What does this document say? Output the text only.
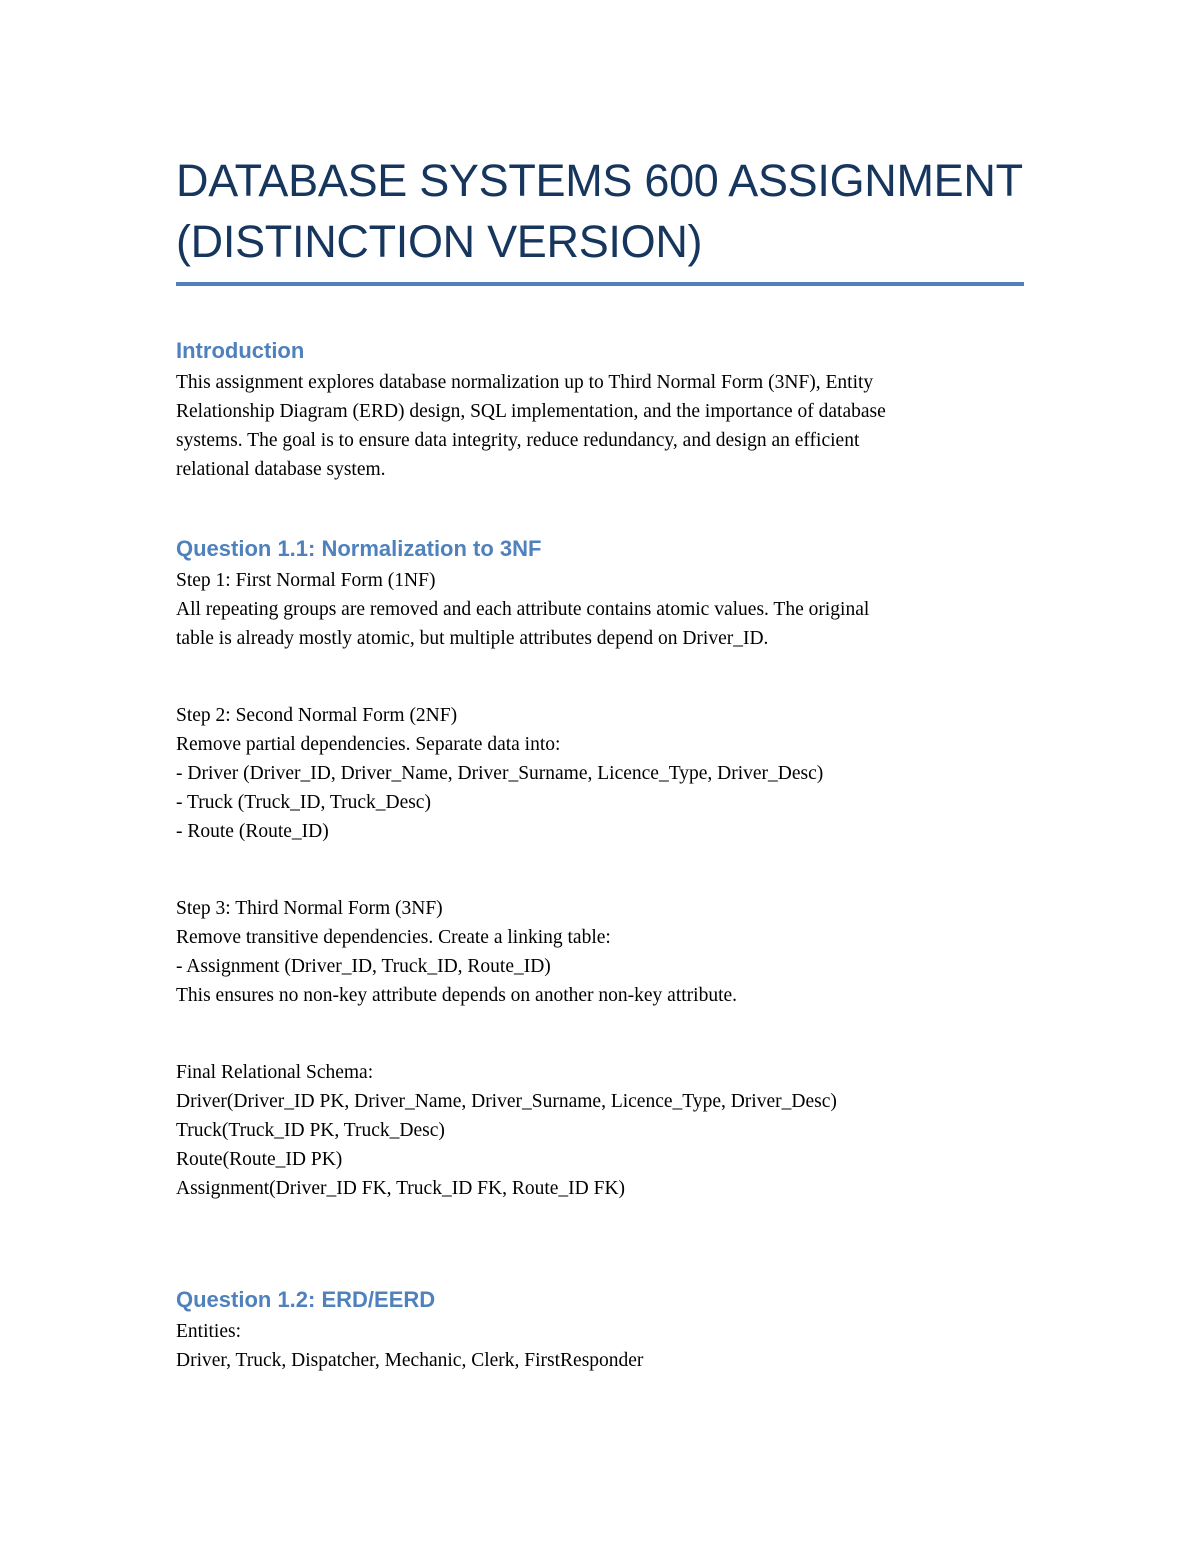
DATABASE SYSTEMS 600 ASSIGNMENT
(DISTINCTION VERSION)
Introduction

This assignment explores database normalization up to Third Normal Form (3NF), Entity
Relationship Diagram (ERD) design, SQL implementation, and the importance of database
systems. The goal is to ensure data integrity, reduce redundancy, and design an efficient
relational database system.

Question 1.1: Normalization to 3NF

Step 1: First Normal Form (1NF)
All repeating groups are removed and each attribute contains atomic values. The original
table is already mostly atomic, but multiple attributes depend on Driver_ID.

Step 2: Second Normal Form (2NF)
Remove partial dependencies. Separate data into:
- Driver (Driver_ID, Driver_Name, Driver_Surname, Licence_Type, Driver_Desc)
- Truck (Truck_ID, Truck_Desc)
- Route (Route_ID)

Step 3: Third Normal Form (3NF)
Remove transitive dependencies. Create a linking table:
- Assignment (Driver_ID, Truck_ID, Route_ID)
This ensures no non-key attribute depends on another non-key attribute.

Final Relational Schema:
Driver(Driver_ID PK, Driver_Name, Driver_Surname, Licence_Type, Driver_Desc)
Truck(Truck_ID PK, Truck_Desc)
Route(Route_ID PK)
Assignment(Driver_ID FK, Truck_ID FK, Route_ID FK)

Question 1.2: ERD/EERD

Entities:
Driver, Truck, Dispatcher, Mechanic, Clerk, FirstResponder
